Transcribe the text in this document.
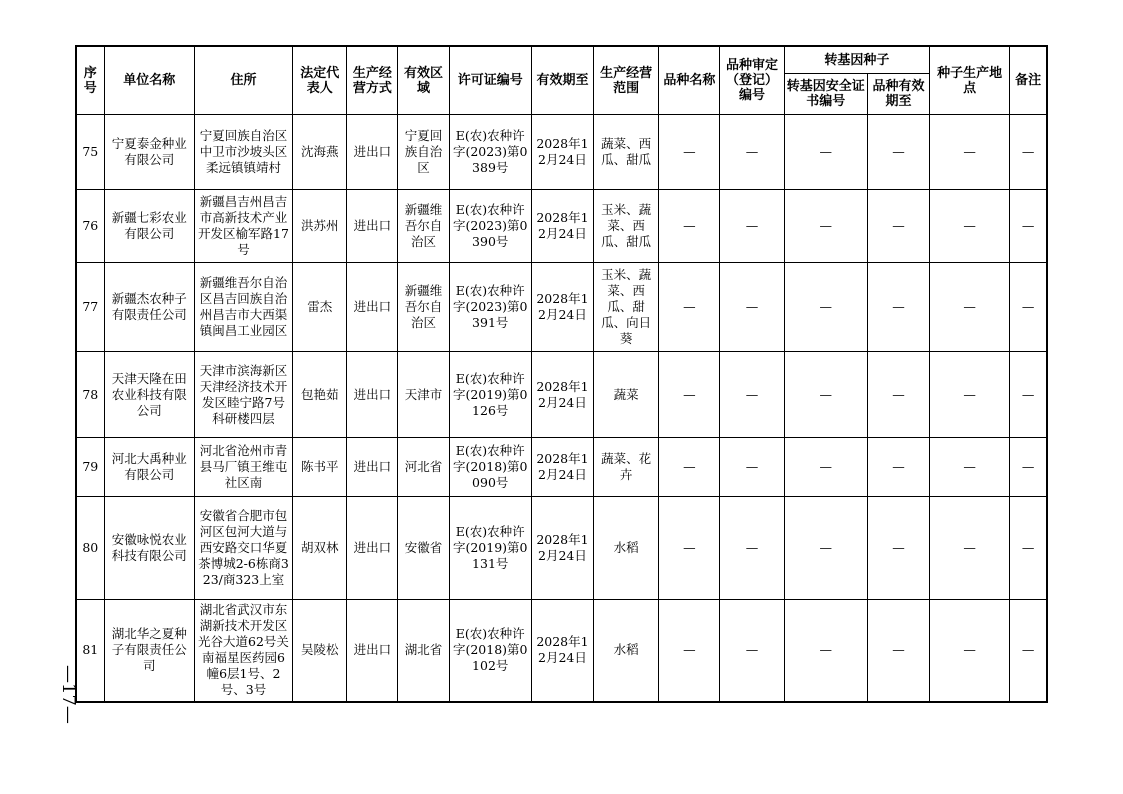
序号	单位名称	住所	法定代表人	生产经营方式	有效区域	许可证编号	有效期至	生产经营范围	品种名称	品种审定（登记）编号	转基因种子		种子生产地点	备注
											转基因安全证书编号	品种有效期至		
75	宁夏泰金种业有限公司	宁夏回族自治区中卫市沙坡头区柔远镇镇靖村	沈海燕	进出口	宁夏回族自治区	E(农)农种许字(2023)第0389号	2028年12月24日	蔬菜、西瓜、甜瓜	—	—	—	—	—	—
76	新疆七彩农业有限公司	新疆昌吉州昌吉市高新技术产业开发区榆军路17号	洪苏州	进出口	新疆维吾尔自治区	E(农)农种许字(2023)第0390号	2028年12月24日	玉米、蔬菜、西瓜、甜瓜	—	—	—	—	—	—
77	新疆杰农种子有限责任公司	新疆维吾尔自治区昌吉回族自治州昌吉市大西渠镇闽昌工业园区	雷杰	进出口	新疆维吾尔自治区	E(农)农种许字(2023)第0391号	2028年12月24日	玉米、蔬菜、西瓜、甜瓜、向日葵	—	—	—	—	—	—
78	天津天隆在田农业科技有限公司	天津市滨海新区天津经济技术开发区睦宁路7号科研楼四层	包艳茹	进出口	天津市	E(农)农种许字(2019)第0126号	2028年12月24日	蔬菜	—	—	—	—	—	—
79	河北大禹种业有限公司	河北省沧州市青县马厂镇王维屯社区南	陈书平	进出口	河北省	E(农)农种许字(2018)第0090号	2028年12月24日	蔬菜、花卉	—	—	—	—	—	—
80	安徽咏悦农业科技有限公司	安徽省合肥市包河区包河大道与西安路交口华夏茶博城2-6栋商323/商323上室	胡双林	进出口	安徽省	E(农)农种许字(2019)第0131号	2028年12月24日	水稻	—	—	—	—	—	—
81	湖北华之夏种子有限责任公司	湖北省武汉市东湖新技术开发区光谷大道62号关南福星医药园6幢6层1号、2号、3号	吴陵松	进出口	湖北省	E(农)农种许字(2018)第0102号	2028年12月24日	水稻	—	—	—	—	—	—
—17—
